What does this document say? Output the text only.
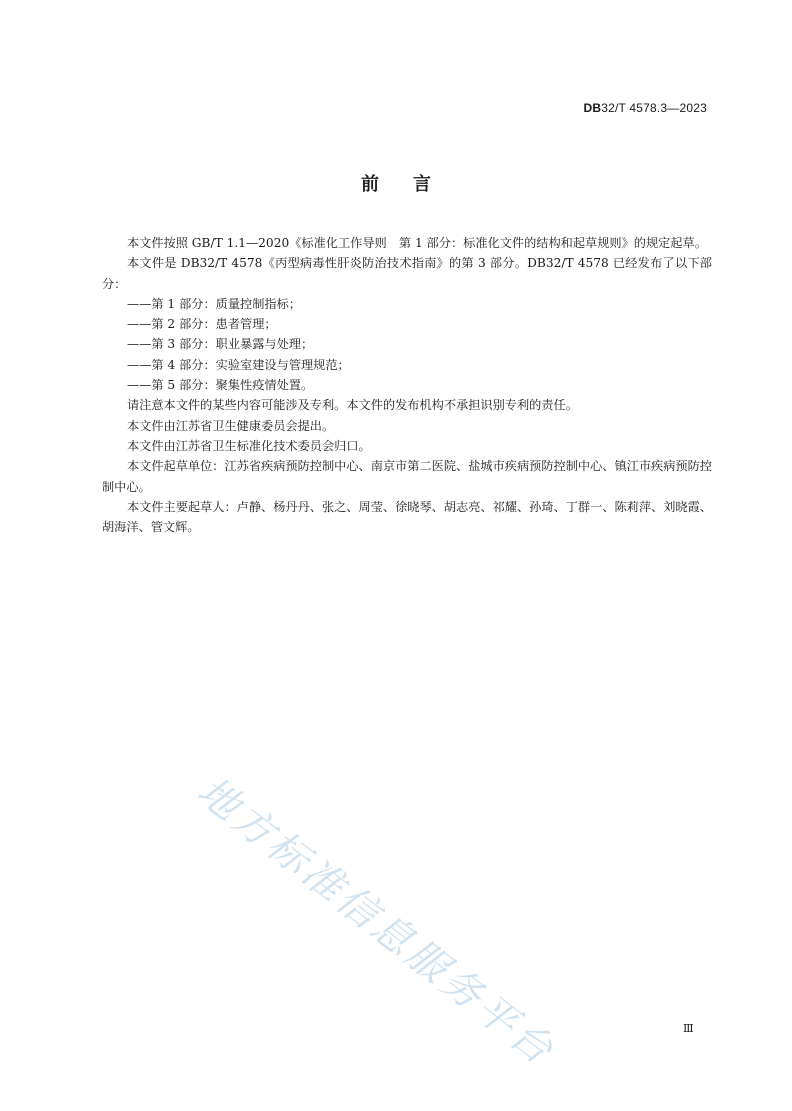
DB32/T 4578.3—2023
前言

本文件按照 GB/T 1.1—2020《标准化工作导则　第 1 部分：标准化文件的结构和起草规则》的规定起草。

本文件是 DB32/T 4578《丙型病毒性肝炎防治技术指南》的第 3 部分。DB32/T 4578 已经发布了以下部分：

——第 1 部分：质量控制指标；

——第 2 部分：患者管理；

——第 3 部分：职业暴露与处理；

——第 4 部分：实验室建设与管理规范；

——第 5 部分：聚集性疫情处置。

请注意本文件的某些内容可能涉及专利。本文件的发布机构不承担识别专利的责任。

本文件由江苏省卫生健康委员会提出。

本文件由江苏省卫生标准化技术委员会归口。

本文件起草单位：江苏省疾病预防控制中心、南京市第二医院、盐城市疾病预防控制中心、镇江市疾病预防控制中心。

本文件主要起草人：卢静、杨丹丹、张之、周莹、徐晓琴、胡志亮、祁耀、孙琦、丁群一、陈莉萍、刘晓霞、胡海洋、管文辉。

地方标准信息服务平台	Ⅲ
